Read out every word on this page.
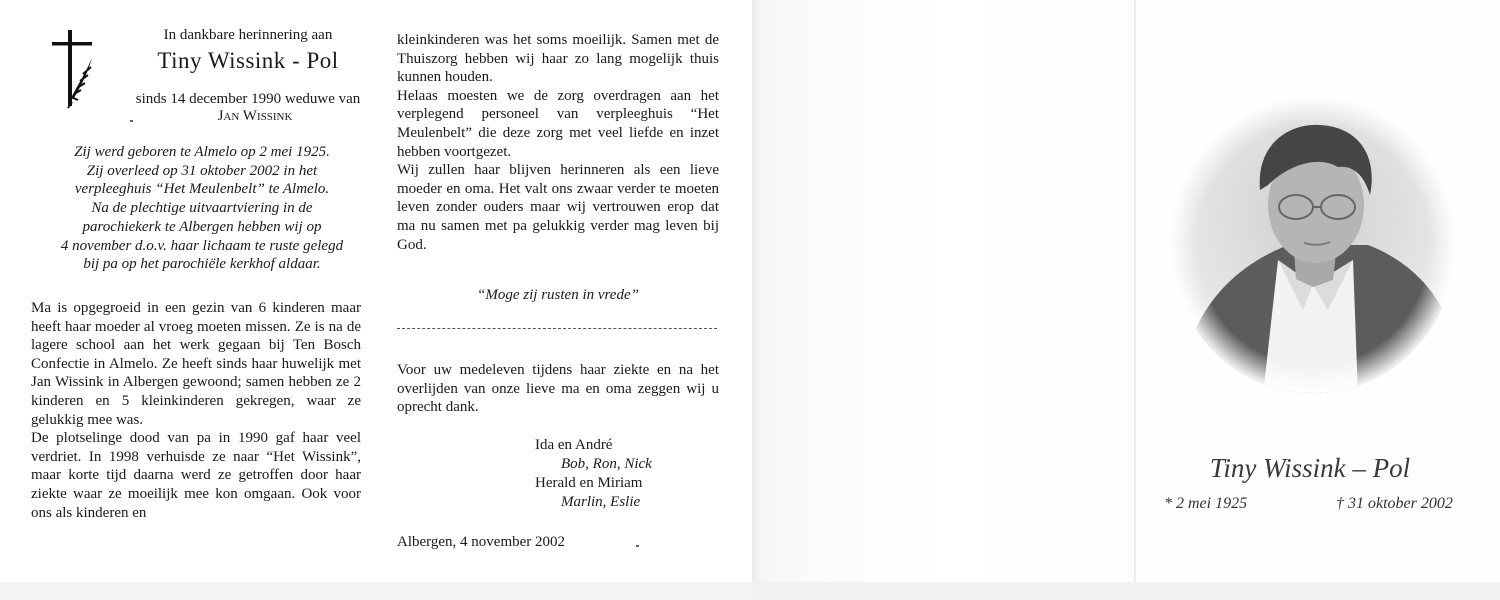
In dankbare herinnering aan
Tiny Wissink - Pol
sinds 14 december 1990 weduwe van
Jan Wissink
Zij werd geboren te Almelo op 2 mei 1925.
Zij overleed op 31 oktober 2002 in het
verpleeghuis “Het Meulenbelt” te Almelo.
Na de plechtige uitvaartviering in de
parochiekerk te Albergen hebben wij op
4 november d.o.v. haar lichaam te ruste gelegd
bij pa op het parochiële kerkhof aldaar.

Ma is opgegroeid in een gezin van 6 kinderen maar heeft haar moeder al vroeg moeten missen. Ze is na de lagere school aan het werk gegaan bij Ten Bosch Confectie in Almelo. Ze heeft sinds haar huwelijk met Jan Wissink in Albergen gewoond; samen hebben ze 2 kinderen en 5 kleinkinderen gekregen, waar ze gelukkig mee was.

De plotselinge dood van pa in 1990 gaf haar veel verdriet. In 1998 verhuisde ze naar “Het Wissink”, maar korte tijd daarna werd ze getroffen door haar ziekte waar ze moeilijk mee kon omgaan. Ook voor ons als kinderen en

kleinkinderen was het soms moeilijk. Samen met de Thuiszorg hebben wij haar zo lang mogelijk thuis kunnen houden.

Helaas moesten we de zorg overdragen aan het verplegend personeel van verpleeghuis “Het Meulenbelt” die deze zorg met veel liefde en inzet hebben voortgezet.

Wij zullen haar blijven herinneren als een lieve moeder en oma. Het valt ons zwaar verder te moeten leven zonder ouders maar wij vertrouwen erop dat ma nu samen met pa gelukkig verder mag leven bij God.

“Moge zij rusten in vrede”

Voor uw medeleven tijdens haar ziekte en na het overlijden van onze lieve ma en oma zeggen wij u oprecht dank.

Ida en André
Bob, Ron, Nick
Herald en Miriam
Marlin, Eslie
Albergen, 4 november 2002
Tiny Wissink – Pol
* 2 mei 1925	† 31 oktober 2002
